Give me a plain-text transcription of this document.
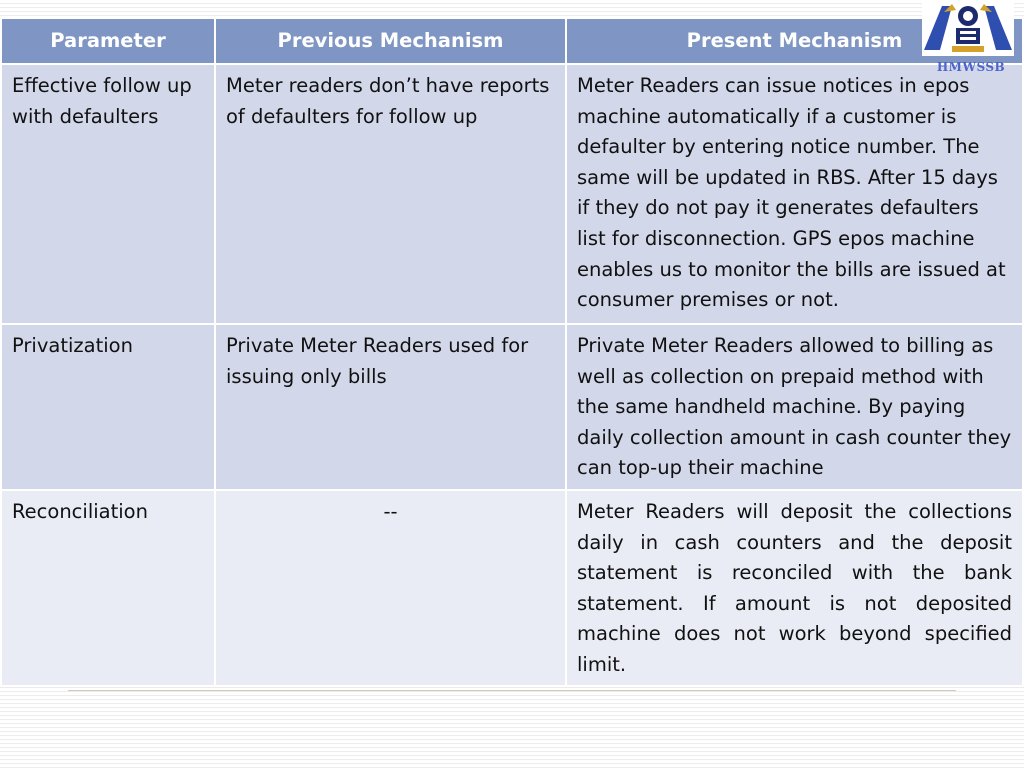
Parameter	Previous Mechanism	Present Mechanism
Effective follow up with defaulters	Meter readers don’t have reports of defaulters for follow up	Meter Readers can issue notices in epos machine automatically if a customer is defaulter by entering notice number. The same will be updated in RBS. After 15 days if they do not pay it generates defaulters list for disconnection. GPS epos machine enables us to monitor the bills are issued at consumer premises or not.
Privatization	Private Meter Readers used for issuing only bills	Private Meter Readers allowed to billing as well as collection on prepaid method with the same handheld machine. By paying daily collection amount in cash counter they can top-up their machine
Reconciliation	--	Meter Readers will deposit the collections daily in cash counters and the deposit statement is reconciled with the bank statement. If amount is not deposited machine does not work beyond specified limit.
HMWSSB
